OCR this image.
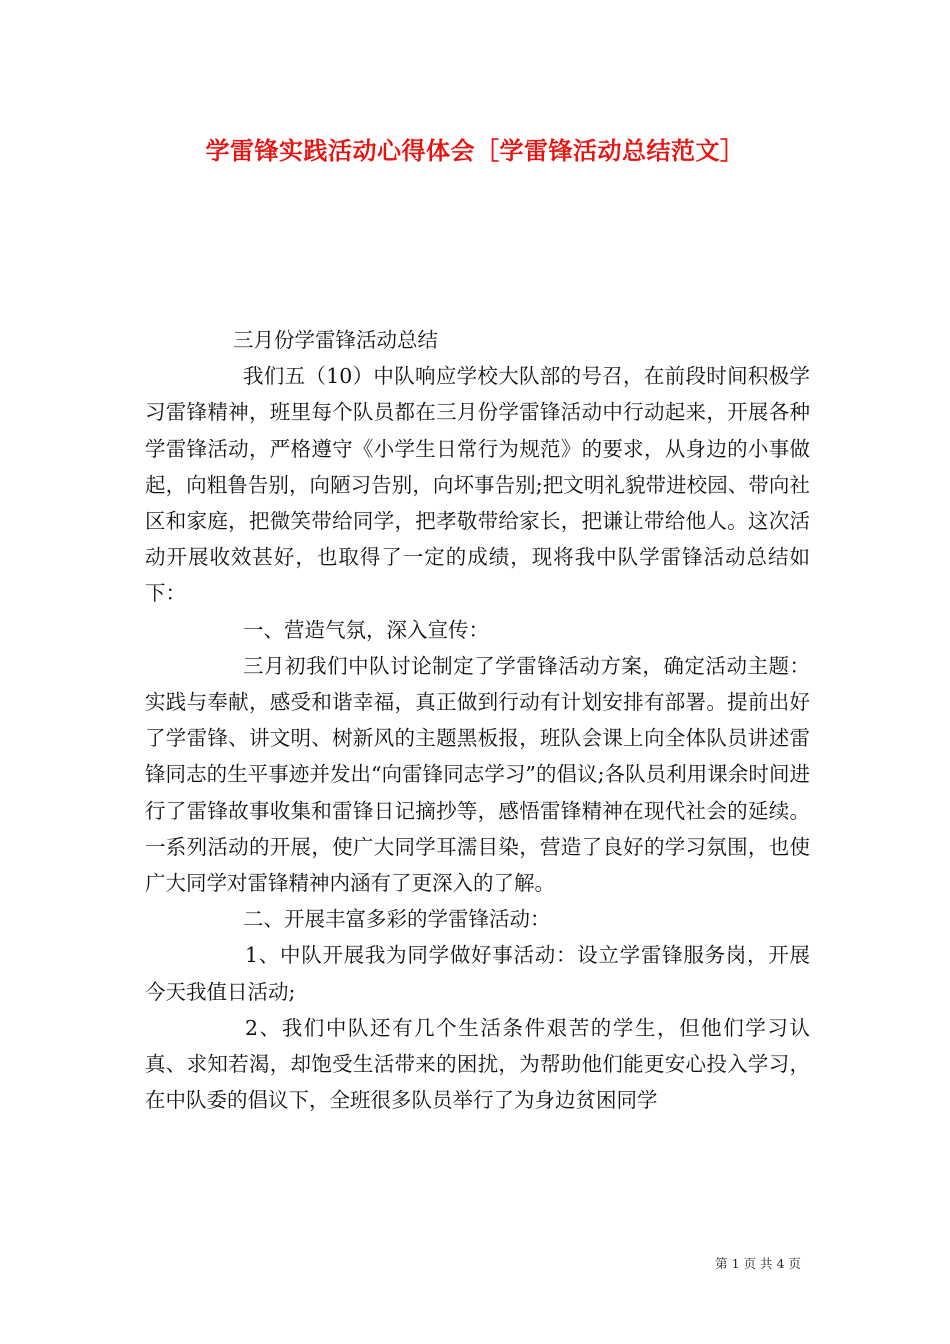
学雷锋实践活动心得体会［学雷锋活动总结范文］

三月份学雷锋活动总结

我们五（10）中队响应学校大队部的号召，在前段时间积极学习雷锋精神，班里每个队员都在三月份学雷锋活动中行动起来，开展各种学雷锋活动，严格遵守《小学生日常行为规范》的要求，从身边的小事做起，向粗鲁告别，向陋习告别，向坏事告别;把文明礼貌带进校园、带向社区和家庭，把微笑带给同学，把孝敬带给家长，把谦让带给他人。这次活动开展收效甚好，也取得了一定的成绩，现将我中队学雷锋活动总结如下：

一、营造气氛，深入宣传：

三月初我们中队讨论制定了学雷锋活动方案，确定活动主题：实践与奉献，感受和谐幸福，真正做到行动有计划安排有部署。提前出好了学雷锋、讲文明、树新风的主题黑板报，班队会课上向全体队员讲述雷锋同志的生平事迹并发出“向雷锋同志学习”的倡议;各队员利用课余时间进行了雷锋故事收集和雷锋日记摘抄等，感悟雷锋精神在现代社会的延续。一系列活动的开展，使广大同学耳濡目染，营造了良好的学习氛围，也使广大同学对雷锋精神内涵有了更深入的了解。

二、开展丰富多彩的学雷锋活动：

1、中队开展我为同学做好事活动：设立学雷锋服务岗，开展今天我值日活动;

2、我们中队还有几个生活条件艰苦的学生，但他们学习认真、求知若渴，却饱受生活带来的困扰，为帮助他们能更安心投入学习，在中队委的倡议下，全班很多队员举行了为身边贫困同学

第 1 页 共 4 页
